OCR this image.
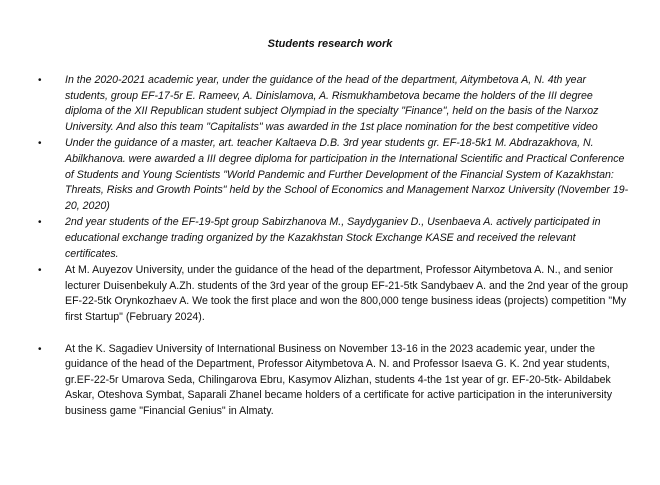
Students research work
• In the 2020-2021 academic year, under the guidance of the head of the department, Aitymbetova A, N. 4th year students, group EF-17-5r E. Rameev, A. Dinislamova, A. Rismukhambetova became the holders of the III degree diploma of the XII Republican student subject Olympiad in the specialty "Finance", held on the basis of the Narxoz University. And also this team "Capitalists" was awarded in the 1st place nomination for the best competitive video
• Under the guidance of a master, art. teacher Kaltaeva D.B. 3rd year students gr. EF-18-5k1 M. Abdrazakhova, N. Abilkhanova. were awarded a III degree diploma for participation in the International Scientific and Practical Conference of Students and Young Scientists "World Pandemic and Further Development of the Financial System of Kazakhstan: Threats, Risks and Growth Points" held by the School of Economics and Management Narxoz University (November 19-20, 2020)
• 2nd year students of the EF-19-5pt group Sabirzhanova M., Saydyganiev D., Usenbaeva A. actively participated in educational exchange trading organized by the Kazakhstan Stock Exchange KASE and received the relevant certificates.
• At M. Auyezov University, under the guidance of the head of the department, Professor Aitymbetova A. N., and senior lecturer Duisenbekuly A.Zh. students of the 3rd year of the group EF-21-5tk Sandybaev A. and the 2nd year of the group EF-22-5tk Orynkozhaev A. We took the first place and won the 800,000 tenge business ideas (projects) competition "My first Startup" (February 2024).
• At the K. Sagadiev University of International Business on November 13-16 in the 2023 academic year, under the guidance of the head of the Department, Professor Aitymbetova A. N. and Professor Isaeva G. K. 2nd year students, gr.EF-22-5r Umarova Seda, Chilingarova Ebru, Kasymov Alizhan, students 4-the 1st year of gr. EF-20-5tk- Abildabek Askar, Oteshova Symbat, Saparali Zhanel became holders of a certificate for active participation in the interuniversity business game "Financial Genius" in Almaty.
